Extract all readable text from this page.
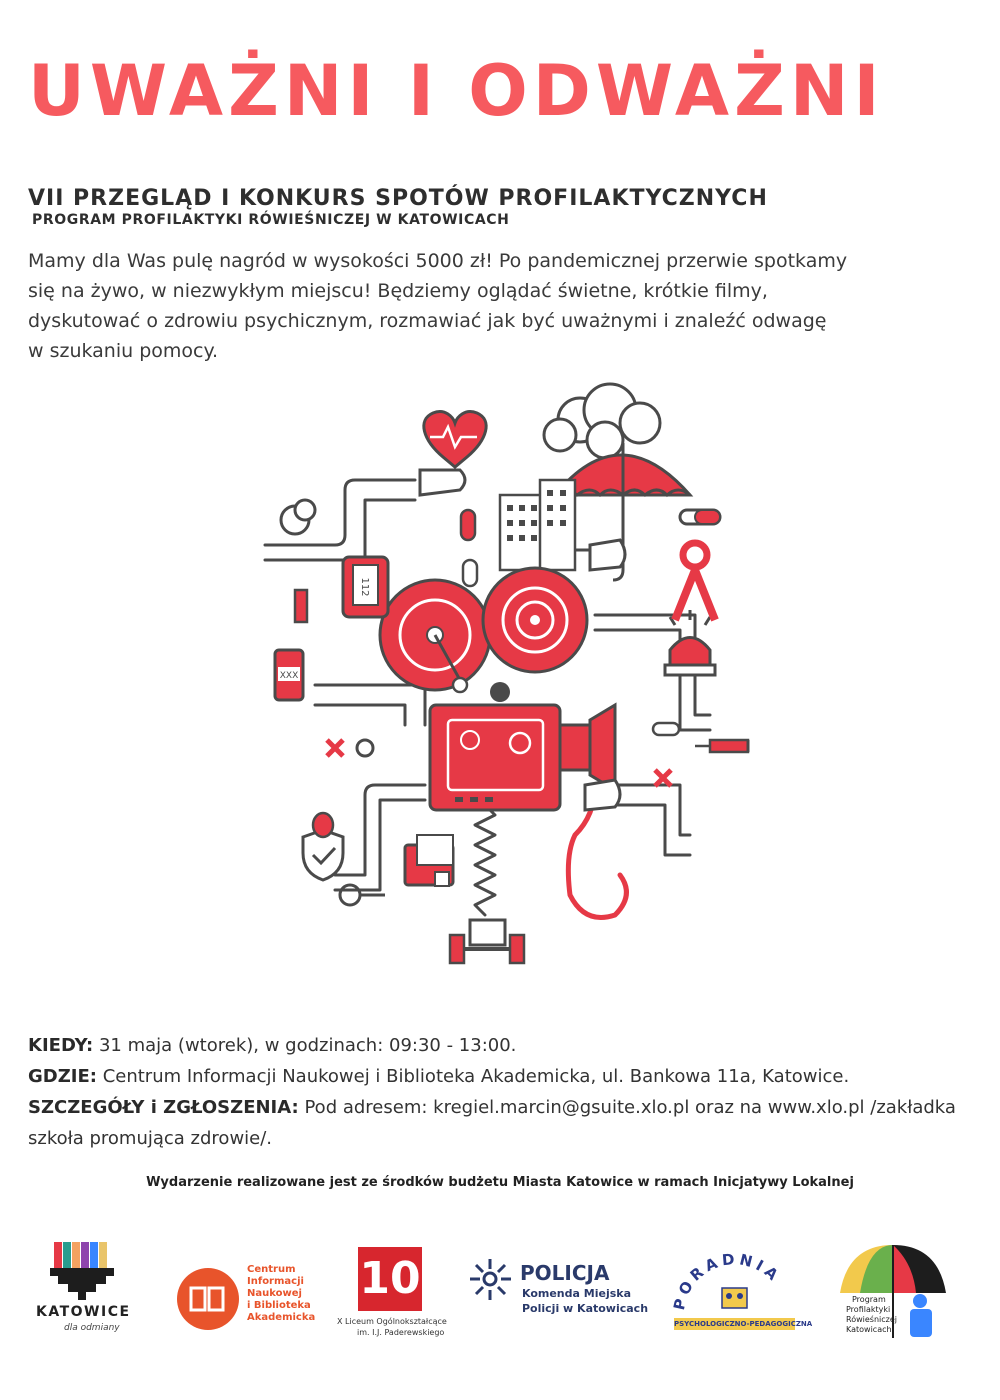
UWAŻNI I ODWAŻNI
VII PRZEGLĄD I KONKURS SPOTÓW PROFILAKTYCZNYCH
PROGRAM PROFILAKTYKI RÓWIEŚNICZEJ W KATOWICACH

Mamy dla Was pulę nagród w wysokości 5000 zł! Po pandemicznej przerwie spotkamy się na żywo, w niezwykłym miejscu! Będziemy oglądać świetne, krótkie filmy, dyskutować o zdrowiu psychicznym, rozmawiać jak być uważnymi i znaleźć odwagę w szukaniu pomocy.

112
XXX

KIEDY: 31 maja (wtorek), w godzinach: 09:30 - 13:00.

GDZIE: Centrum Informacji Naukowej i Biblioteka Akademicka, ul. Bankowa 11a, Katowice.

SZCZEGÓŁY i ZGŁOSZENIA: Pod adresem: kregiel.marcin@gsuite.xlo.pl oraz na www.xlo.pl /zakładka szkoła promująca zdrowie/.

Wydarzenie realizowane jest ze środków budżetu Miasta Katowice w ramach Inicjatywy Lokalnej
KATOWICE
dla odmiany
Centrum
Informacji
Naukowej
i Biblioteka
Akademicka
10
X Liceum Ogólnokształcące
im. I.J. Paderewskiego
POLICJA
Komenda Miejska
Policji w Katowicach PORADNIA
PSYCHOLOGICZNO-PEDAGOGICZNA
Program
Profilaktyki
Rówieśniczej
Katowicach
